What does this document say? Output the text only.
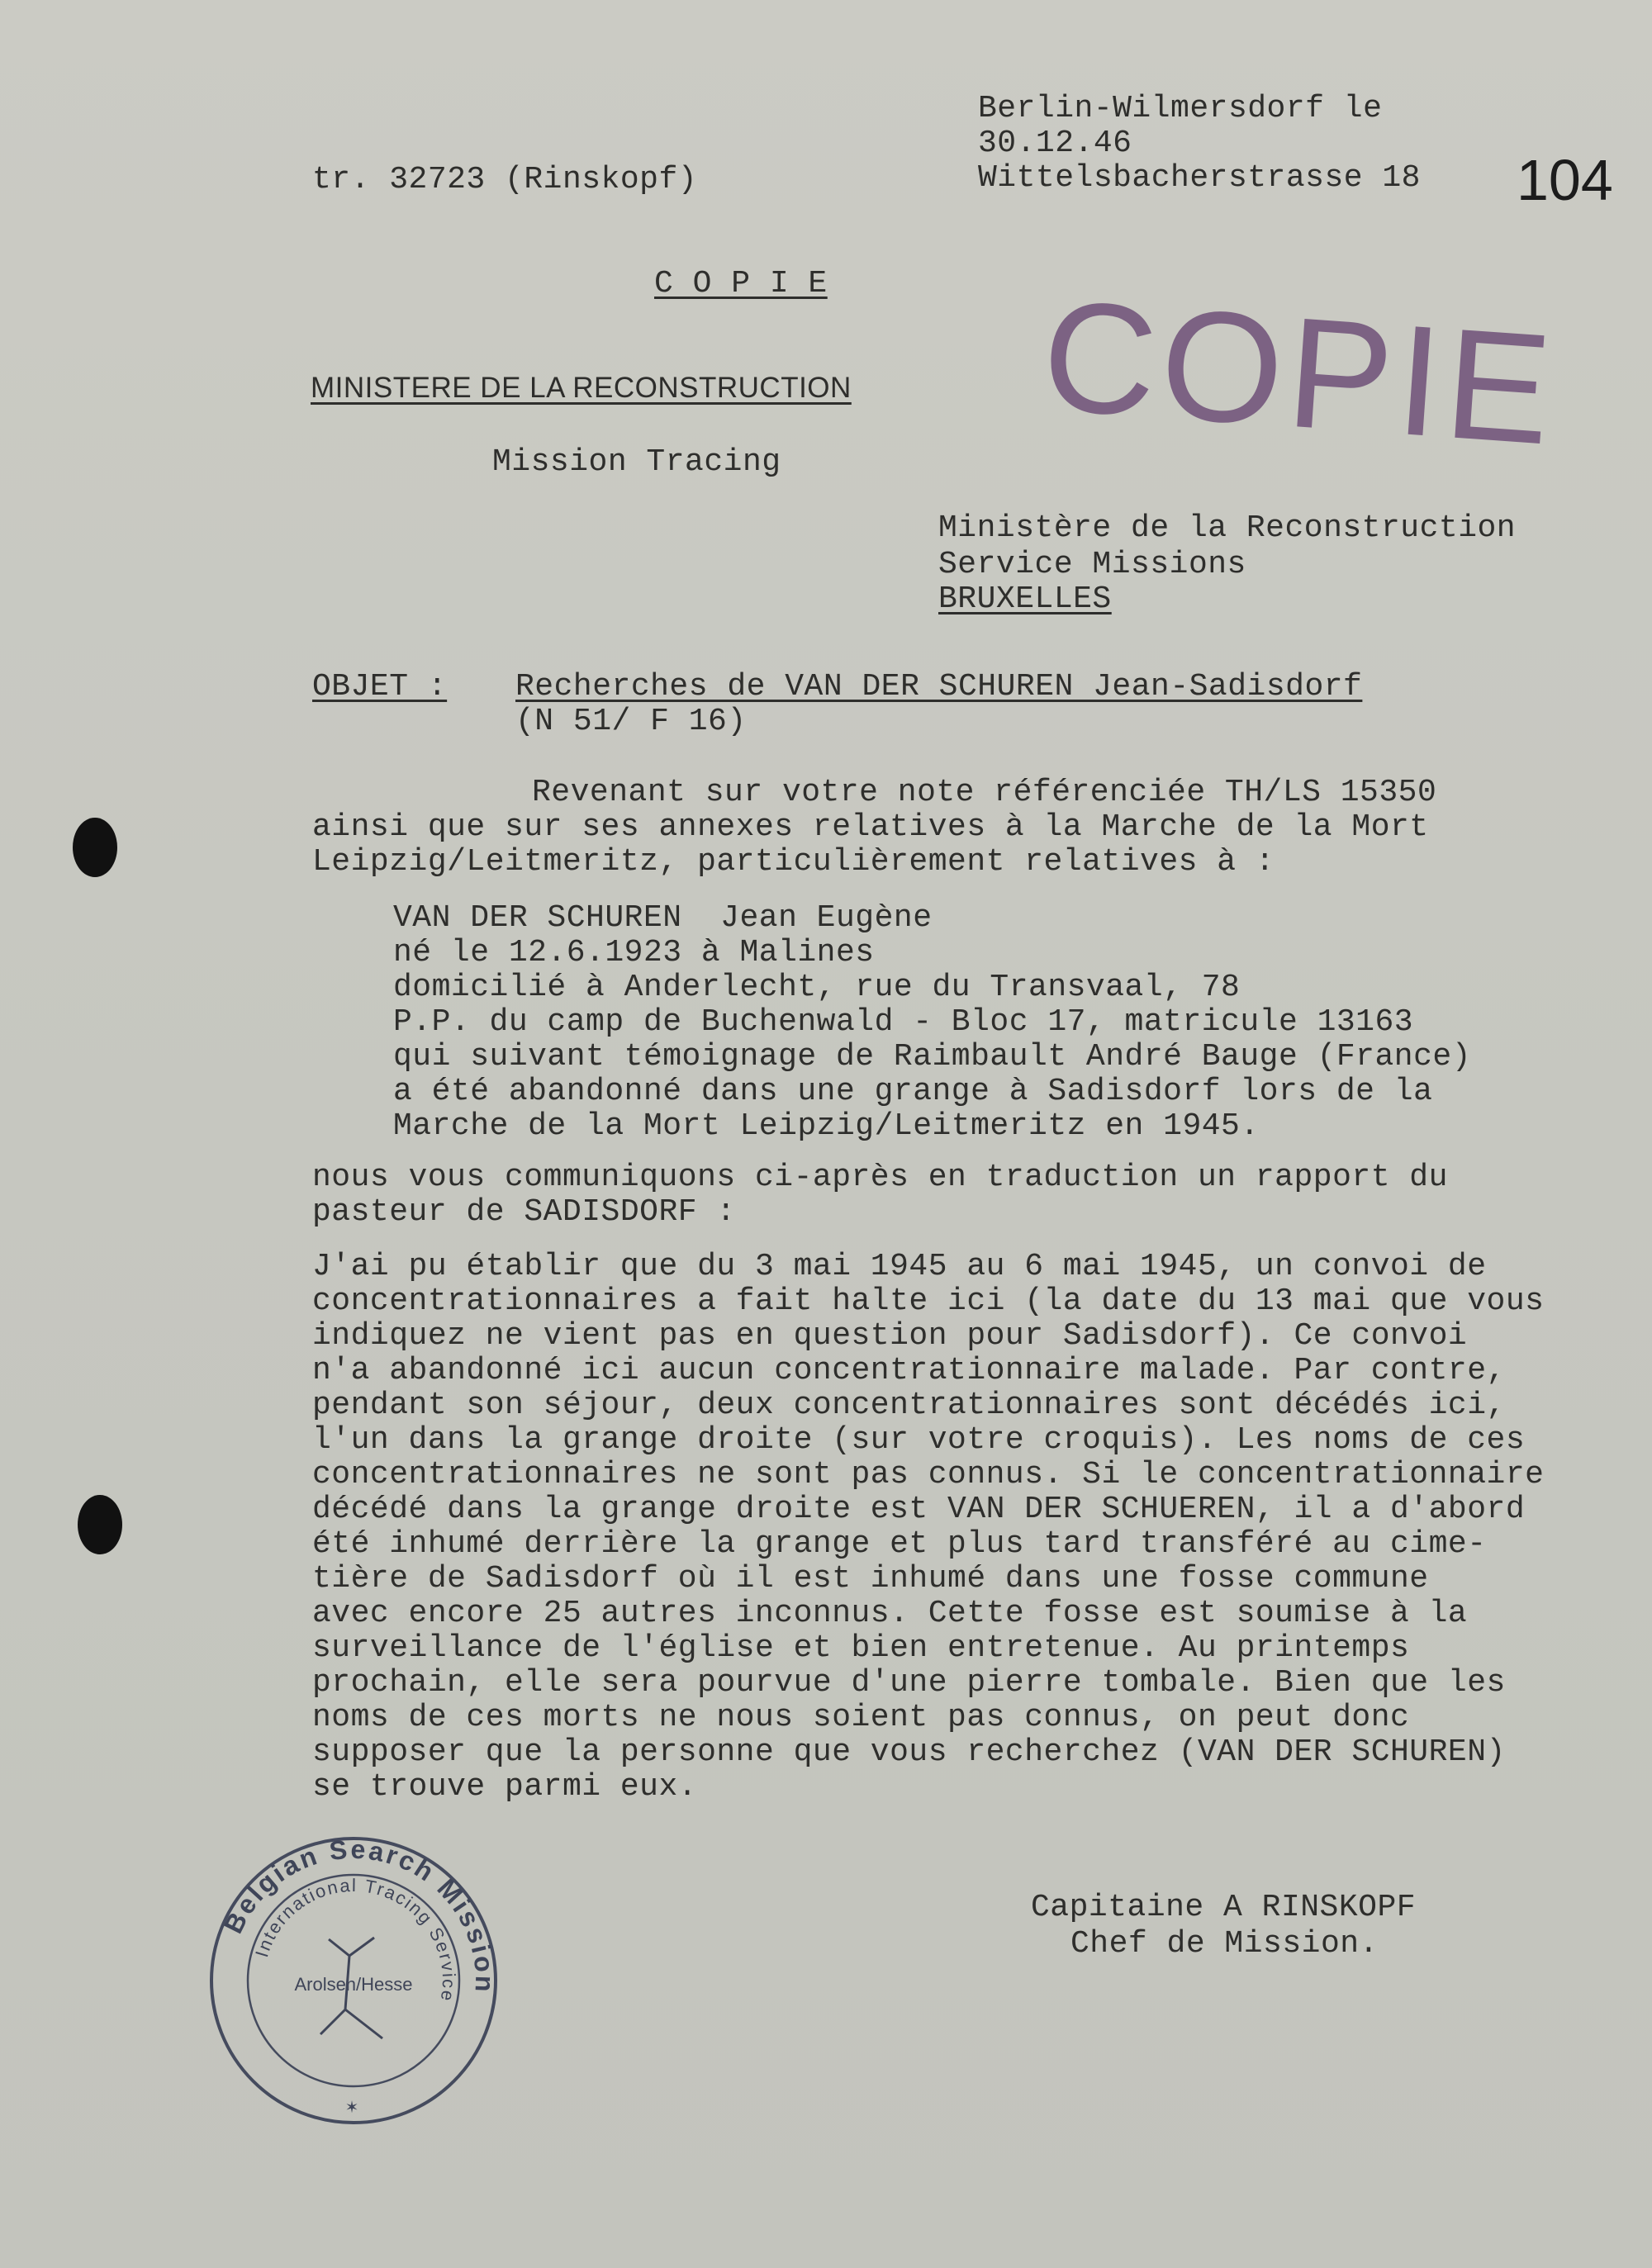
tr. 32723 (Rinskopf)
Berlin-Wilmersdorf le
30.12.46
Wittelsbacherstrasse 18 104
C O P I E COPIE
MINISTERE DE LA RECONSTRUCTION
Mission Tracing
Ministère de la Reconstruction
Service Missions
BRUXELLES
OBJET : Recherches de VAN DER SCHUREN Jean-Sadisdorf
(N 51/ F 16)
Revenant sur votre note référenciée TH/LS 15350
ainsi que sur ses annexes relatives à la Marche de la Mort
Leipzig/Leitmeritz, particulièrement relatives à :
VAN DER SCHUREN  Jean Eugène
né le 12.6.1923 à Malines
domicilié à Anderlecht, rue du Transvaal, 78
P.P. du camp de Buchenwald - Bloc 17, matricule 13163
qui suivant témoignage de Raimbault André Bauge (France)
a été abandonné dans une grange à Sadisdorf lors de la
Marche de la Mort Leipzig/Leitmeritz en 1945.
nous vous communiquons ci-après en traduction un rapport du
pasteur de SADISDORF :
J'ai pu établir que du 3 mai 1945 au 6 mai 1945, un convoi de
concentrationnaires a fait halte ici (la date du 13 mai que vous
indiquez ne vient pas en question pour Sadisdorf). Ce convoi
n'a abandonné ici aucun concentrationnaire malade. Par contre,
pendant son séjour, deux concentrationnaires sont décédés ici,
l'un dans la grange droite (sur votre croquis). Les noms de ces
concentrationnaires ne sont pas connus. Si le concentrationnaire
décédé dans la grange droite est VAN DER SCHUEREN, il a d'abord
été inhumé derrière la grange et plus tard transféré au cime-
tière de Sadisdorf où il est inhumé dans une fosse commune
avec encore 25 autres inconnus. Cette fosse est soumise à la
surveillance de l'église et bien entretenue. Au printemps
prochain, elle sera pourvue d'une pierre tombale. Bien que les
noms de ces morts ne nous soient pas connus, on peut donc
supposer que la personne que vous recherchez (VAN DER SCHUREN)
se trouve parmi eux.
Capitaine A RINSKOPF
Chef de Mission.
Belgian Search Mission
International Tracing Service
Arolsen/Hesse
✶
